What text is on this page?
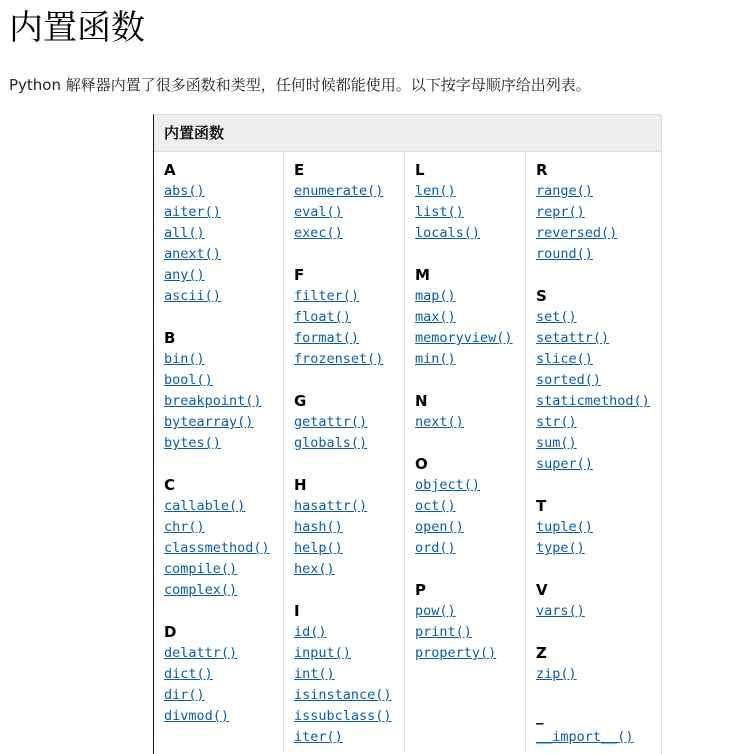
内置函数

Python 解释器内置了很多函数和类型，任何时候都能使用。以下按字母顺序给出列表。

内置函数
A
abs()
aiter()
all()
anext()
any()
ascii()
B
bin()
bool()
breakpoint()
bytearray()
bytes()
C
callable()
chr()
classmethod()
compile()
complex()
D
delattr()
dict()
dir()
divmod()
E
enumerate()
eval()
exec()
F
filter()
float()
format()
frozenset()
G
getattr()
globals()
H
hasattr()
hash()
help()
hex()
I
id()
input()
int()
isinstance()
issubclass()
iter()
L
len()
list()
locals()
M
map()
max()
memoryview()
min()
N
next()
O
object()
oct()
open()
ord()
P
pow()
print()
property()
R
range()
repr()
reversed()
round()
S
set()
setattr()
slice()
sorted()
staticmethod()
str()
sum()
super()
T
tuple()
type()
V
vars()
Z
zip()
_
__import__()
